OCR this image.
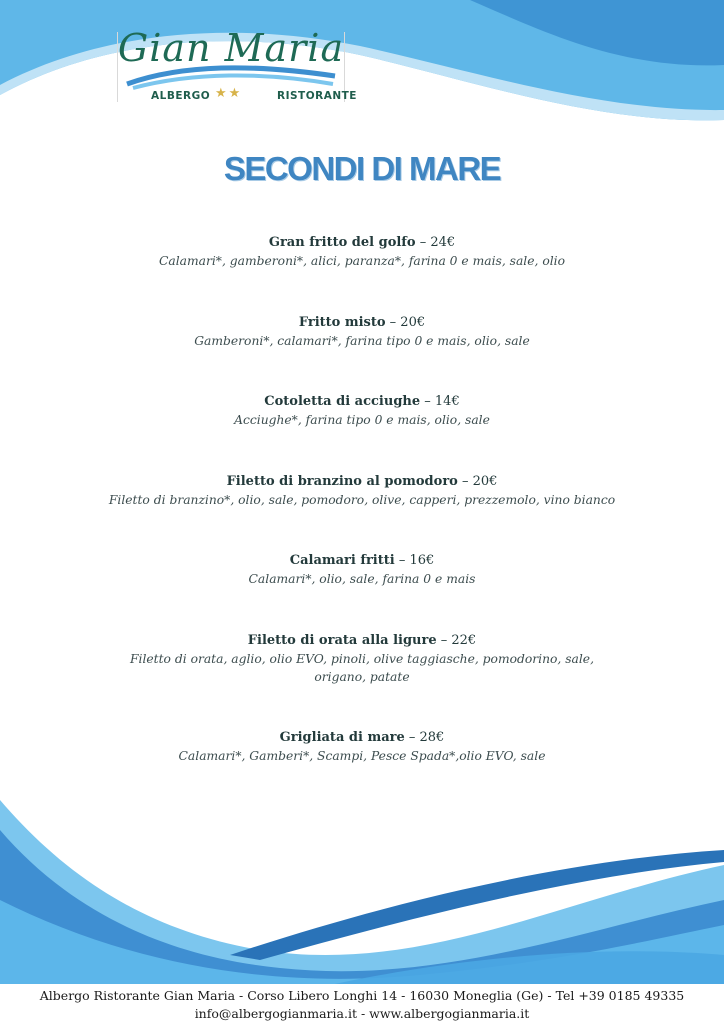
Gian Maria
ALBERGO	RISTORANTE
★★
SECONDI DI MARE
Gran fritto del golfo – 24€
Calamari*, gamberoni*, alici, paranza*, farina 0 e mais, sale, olio
Fritto misto – 20€
Gamberoni*, calamari*, farina tipo 0 e mais, olio, sale
Cotoletta di acciughe – 14€
Acciughe*, farina tipo 0 e mais, olio, sale
Filetto di branzino al pomodoro – 20€
Filetto di branzino*, olio, sale, pomodoro, olive, capperi, prezzemolo, vino bianco
Calamari fritti – 16€
Calamari*, olio, sale, farina 0 e mais
Filetto di orata alla ligure – 22€
Filetto di orata, aglio, olio EVO, pinoli, olive taggiasche, pomodorino, sale,
origano, patate
Grigliata di mare – 28€
Calamari*, Gamberi*, Scampi, Pesce Spada*,olio EVO, sale
Albergo Ristorante Gian Maria - Corso Libero Longhi 14 - 16030 Moneglia (Ge) - Tel +39 0185 49335
info@albergogianmaria.it - www.albergogianmaria.it
